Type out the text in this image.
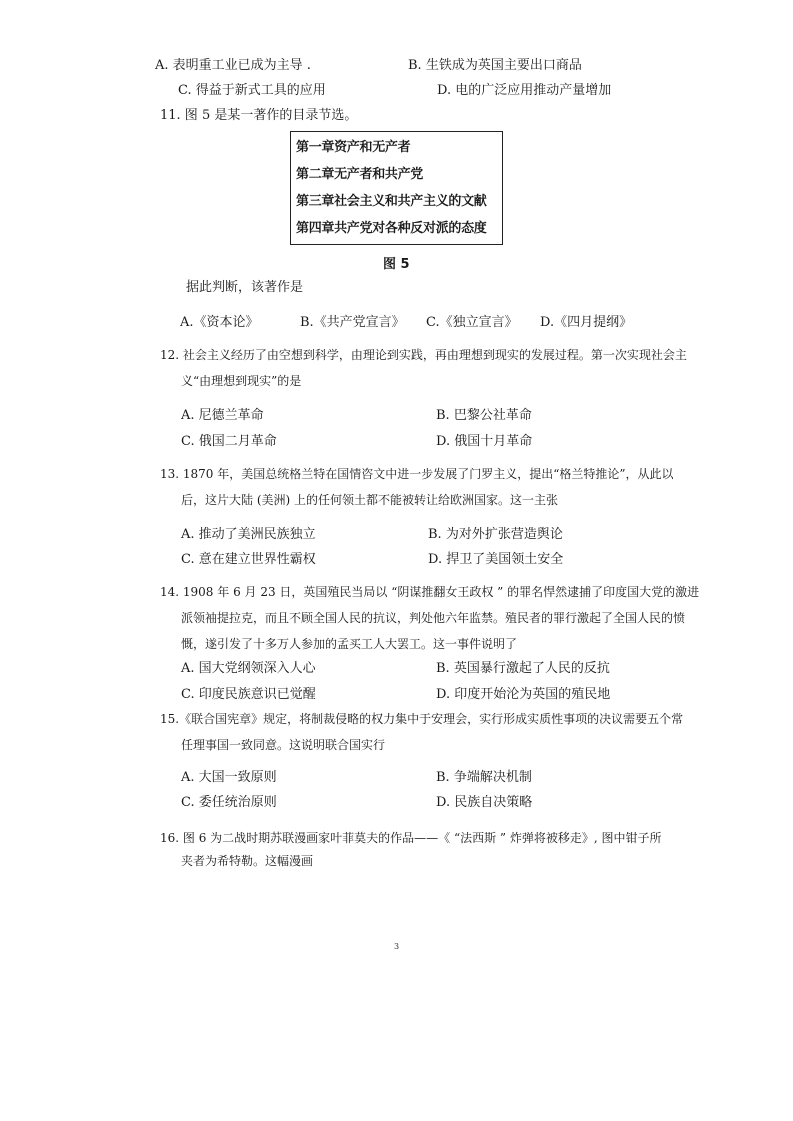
A. 表明重工业已成为主导 .	B. 生铁成为英国主要出口商品
C. 得益于新式工具的应用	D. 电的广泛应用推动产量增加
11. 图 5 是某一著作的目录节选。
第一章资产和无产者
第二章无产者和共产党
第三章社会主义和共产主义的文献
第四章共产党对各种反对派的态度
图 5
据此判断，该著作是
A.《资本论》	B.《共产党宣言》 C.《独立宣言》 D.《四月提纲》
12. 社会主义经历了由空想到科学，由理论到实践，再由理想到现实的发展过程。第一次实现社会主
义“由理想到现实”的是
A. 尼德兰革命	B. 巴黎公社革命
C. 俄国二月革命	D. 俄国十月革命
13. 1870 年，美国总统格兰特在国情咨文中进一步发展了门罗主义，提出“格兰特推论”，从此以
后，这片大陆 (美洲) 上的任何领土都不能被转让给欧洲国家。这一主张
A. 推动了美洲民族独立	B. 为对外扩张营造舆论
C. 意在建立世界性霸权	D. 捍卫了美国领土安全
14. 1908 年 6 月 23 日，英国殖民当局以 “阴谋推翻女王政权 ” 的罪名悍然逮捕了印度国大党的激进
派领袖提拉克，而且不顾全国人民的抗议，判处他六年监禁。殖民者的罪行激起了全国人民的愤
慨，遂引发了十多万人参加的孟买工人大罢工。这一事件说明了
A. 国大党纲领深入人心	B. 英国暴行激起了人民的反抗
C. 印度民族意识已觉醒	D. 印度开始沦为英国的殖民地
15.《联合国宪章》规定，将制裁侵略的权力集中于安理会，实行形成实质性事项的决议需要五个常
任理事国一致同意。这说明联合国实行
A. 大国一致原则	B. 争端解决机制
C. 委任统治原则	D. 民族自决策略
16. 图 6 为二战时期苏联漫画家叶菲莫夫的作品——《 “法西斯 ” 炸弹将被移走》, 图中钳子所
夹者为希特勒。这幅漫画
3
